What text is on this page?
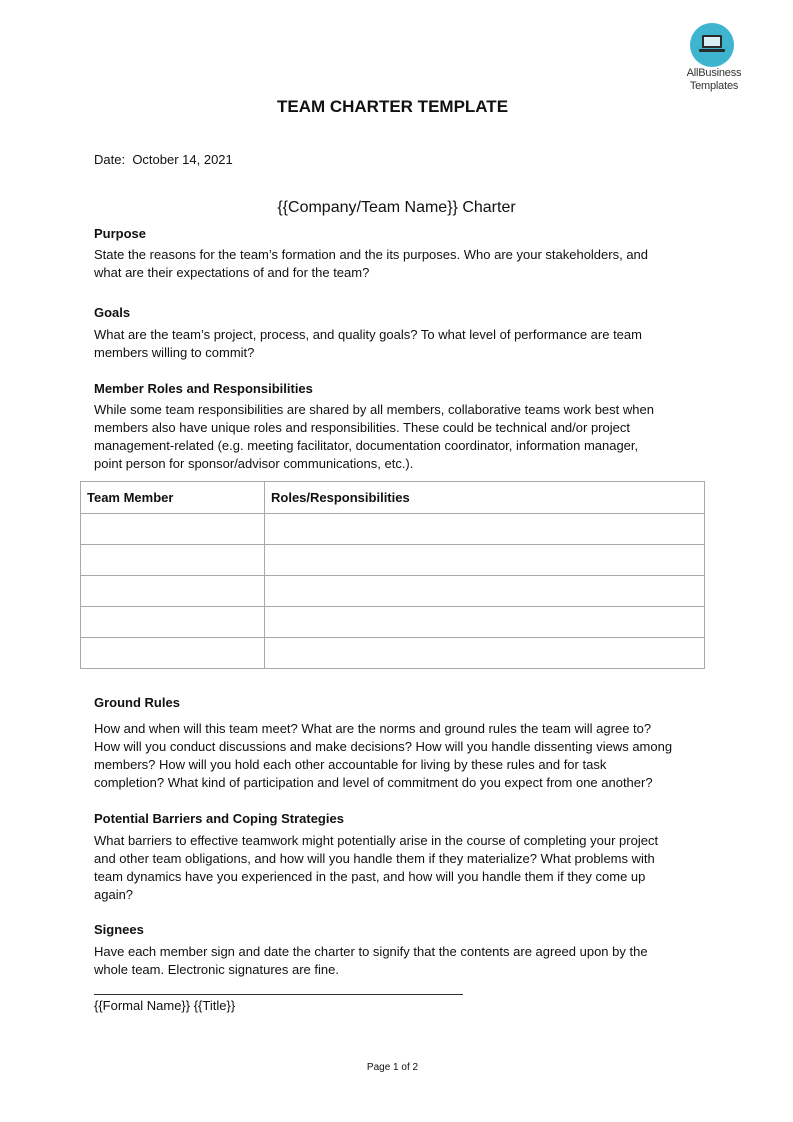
AllBusiness
Templates
TEAM CHARTER TEMPLATE
Date: October 14, 2021
{{Company/Team Name}} Charter
Purpose
State the reasons for the team’s formation and the its purposes. Who are your stakeholders, and
what are their expectations of and for the team?
Goals
What are the team’s project, process, and quality goals? To what level of performance are team
members willing to commit?
Member Roles and Responsibilities
While some team responsibilities are shared by all members, collaborative teams work best when
members also have unique roles and responsibilities. These could be technical and/or project
management-related (e.g. meeting facilitator, documentation coordinator, information manager,
point person for sponsor/advisor communications, etc.).
Team Member	Roles/Responsibilities

Ground Rules
How and when will this team meet? What are the norms and ground rules the team will agree to?
How will you conduct discussions and make decisions? How will you handle dissenting views among
members? How will you hold each other accountable for living by these rules and for task
completion? What kind of participation and level of commitment do you expect from one another?
Potential Barriers and Coping Strategies
What barriers to effective teamwork might potentially arise in the course of completing your project
and other team obligations, and how will you handle them if they materialize? What problems with
team dynamics have you experienced in the past, and how will you handle them if they come up
again?
Signees
Have each member sign and date the charter to signify that the contents are agreed upon by the
whole team. Electronic signatures are fine.
{{Formal Name}} {{Title}}
Page 1 of 2
